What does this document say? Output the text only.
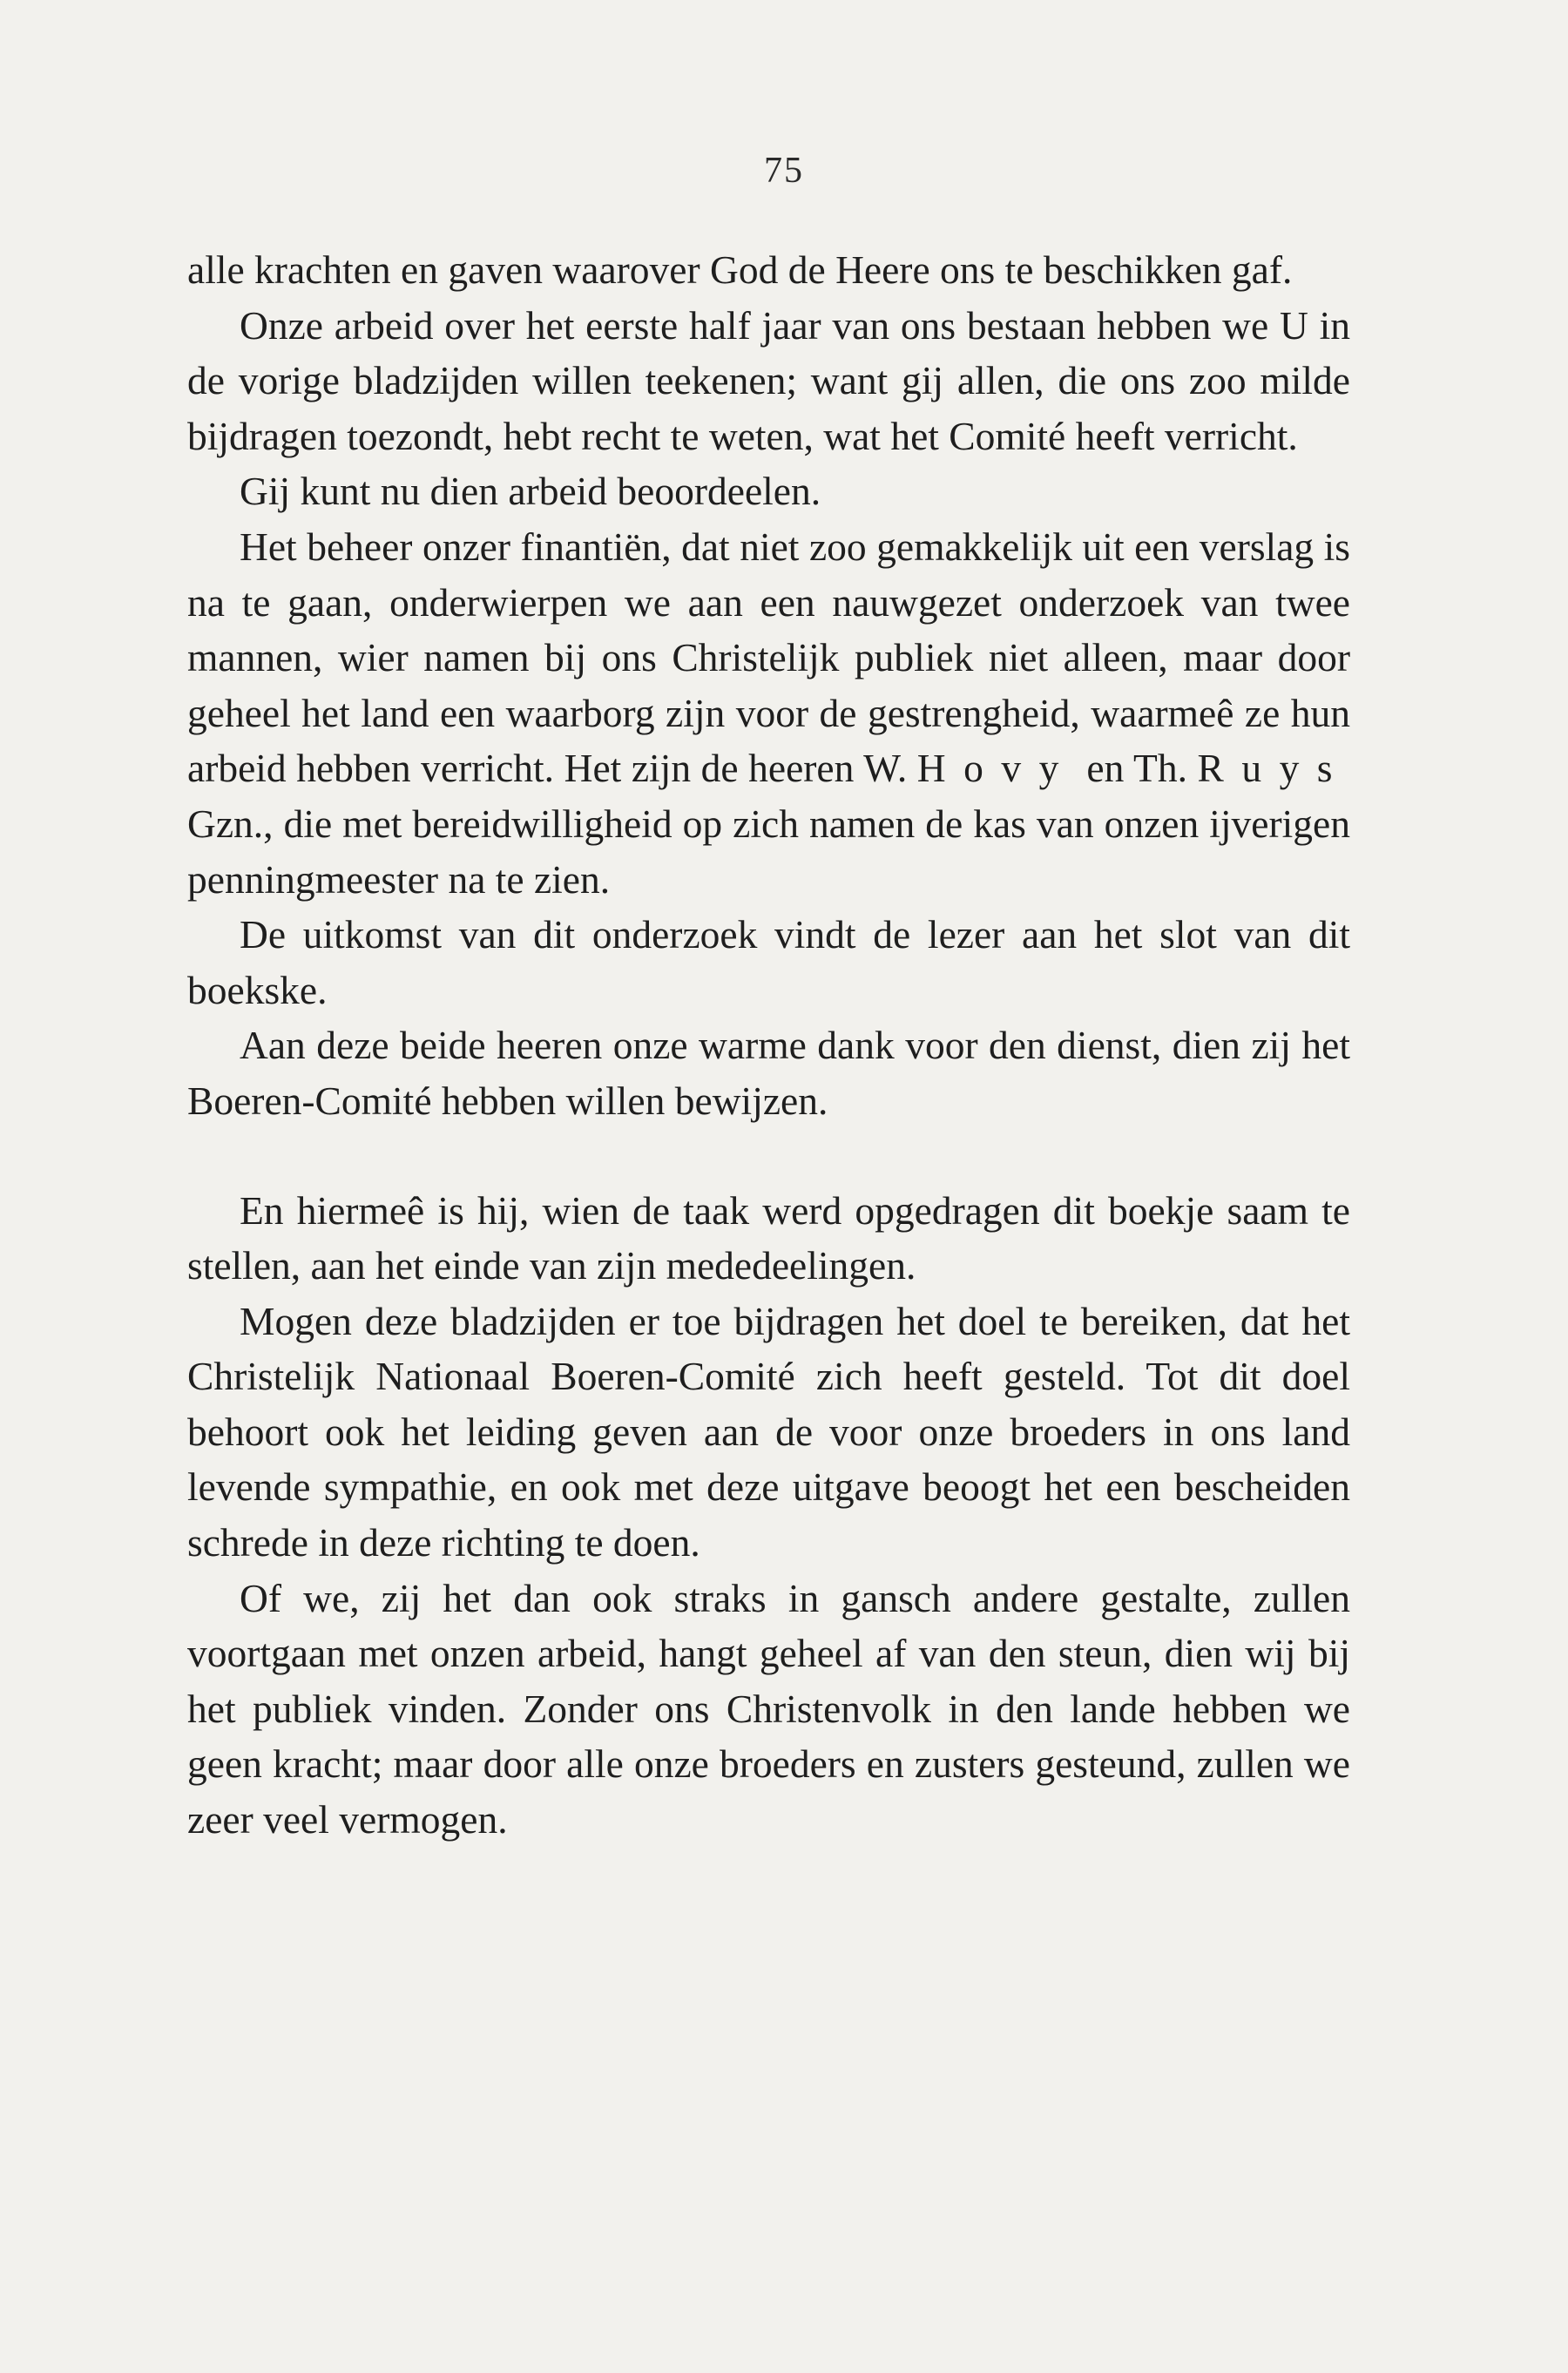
75

alle krachten en gaven waarover God de Heere ons te beschikken gaf.

Onze arbeid over het eerste half jaar van ons bestaan hebben we U in de vorige bladzijden willen teekenen; want gij allen, die ons zoo milde bijdragen toezondt, hebt recht te weten, wat het Comité heeft verricht.

Gij kunt nu dien arbeid beoordeelen.

Het beheer onzer finantiën, dat niet zoo gemakkelijk uit een verslag is na te gaan, onderwierpen we aan een nauwgezet onderzoek van twee mannen, wier namen bij ons Christelijk publiek niet alleen, maar door geheel het land een waarborg zijn voor de gestrengheid, waarmeê ze hun arbeid hebben verricht. Het zijn de heeren W. Hovy en Th. Ruys Gzn., die met bereidwilligheid op zich namen de kas van onzen ijverigen penningmeester na te zien.

De uitkomst van dit onderzoek vindt de lezer aan het slot van dit boekske.

Aan deze beide heeren onze warme dank voor den dienst, dien zij het Boeren-Comité hebben willen bewijzen.

En hiermeê is hij, wien de taak werd opgedragen dit boekje saam te stellen, aan het einde van zijn mededeelingen.

Mogen deze bladzijden er toe bijdragen het doel te bereiken, dat het Christelijk Nationaal Boeren-Comité zich heeft gesteld. Tot dit doel behoort ook het leiding geven aan de voor onze broeders in ons land levende sympathie, en ook met deze uitgave beoogt het een bescheiden schrede in deze richting te doen.

Of we, zij het dan ook straks in gansch andere gestalte, zullen voortgaan met onzen arbeid, hangt geheel af van den steun, dien wij bij het publiek vinden. Zonder ons Christenvolk in den lande hebben we geen kracht; maar door alle onze broeders en zusters gesteund, zullen we zeer veel vermogen.
